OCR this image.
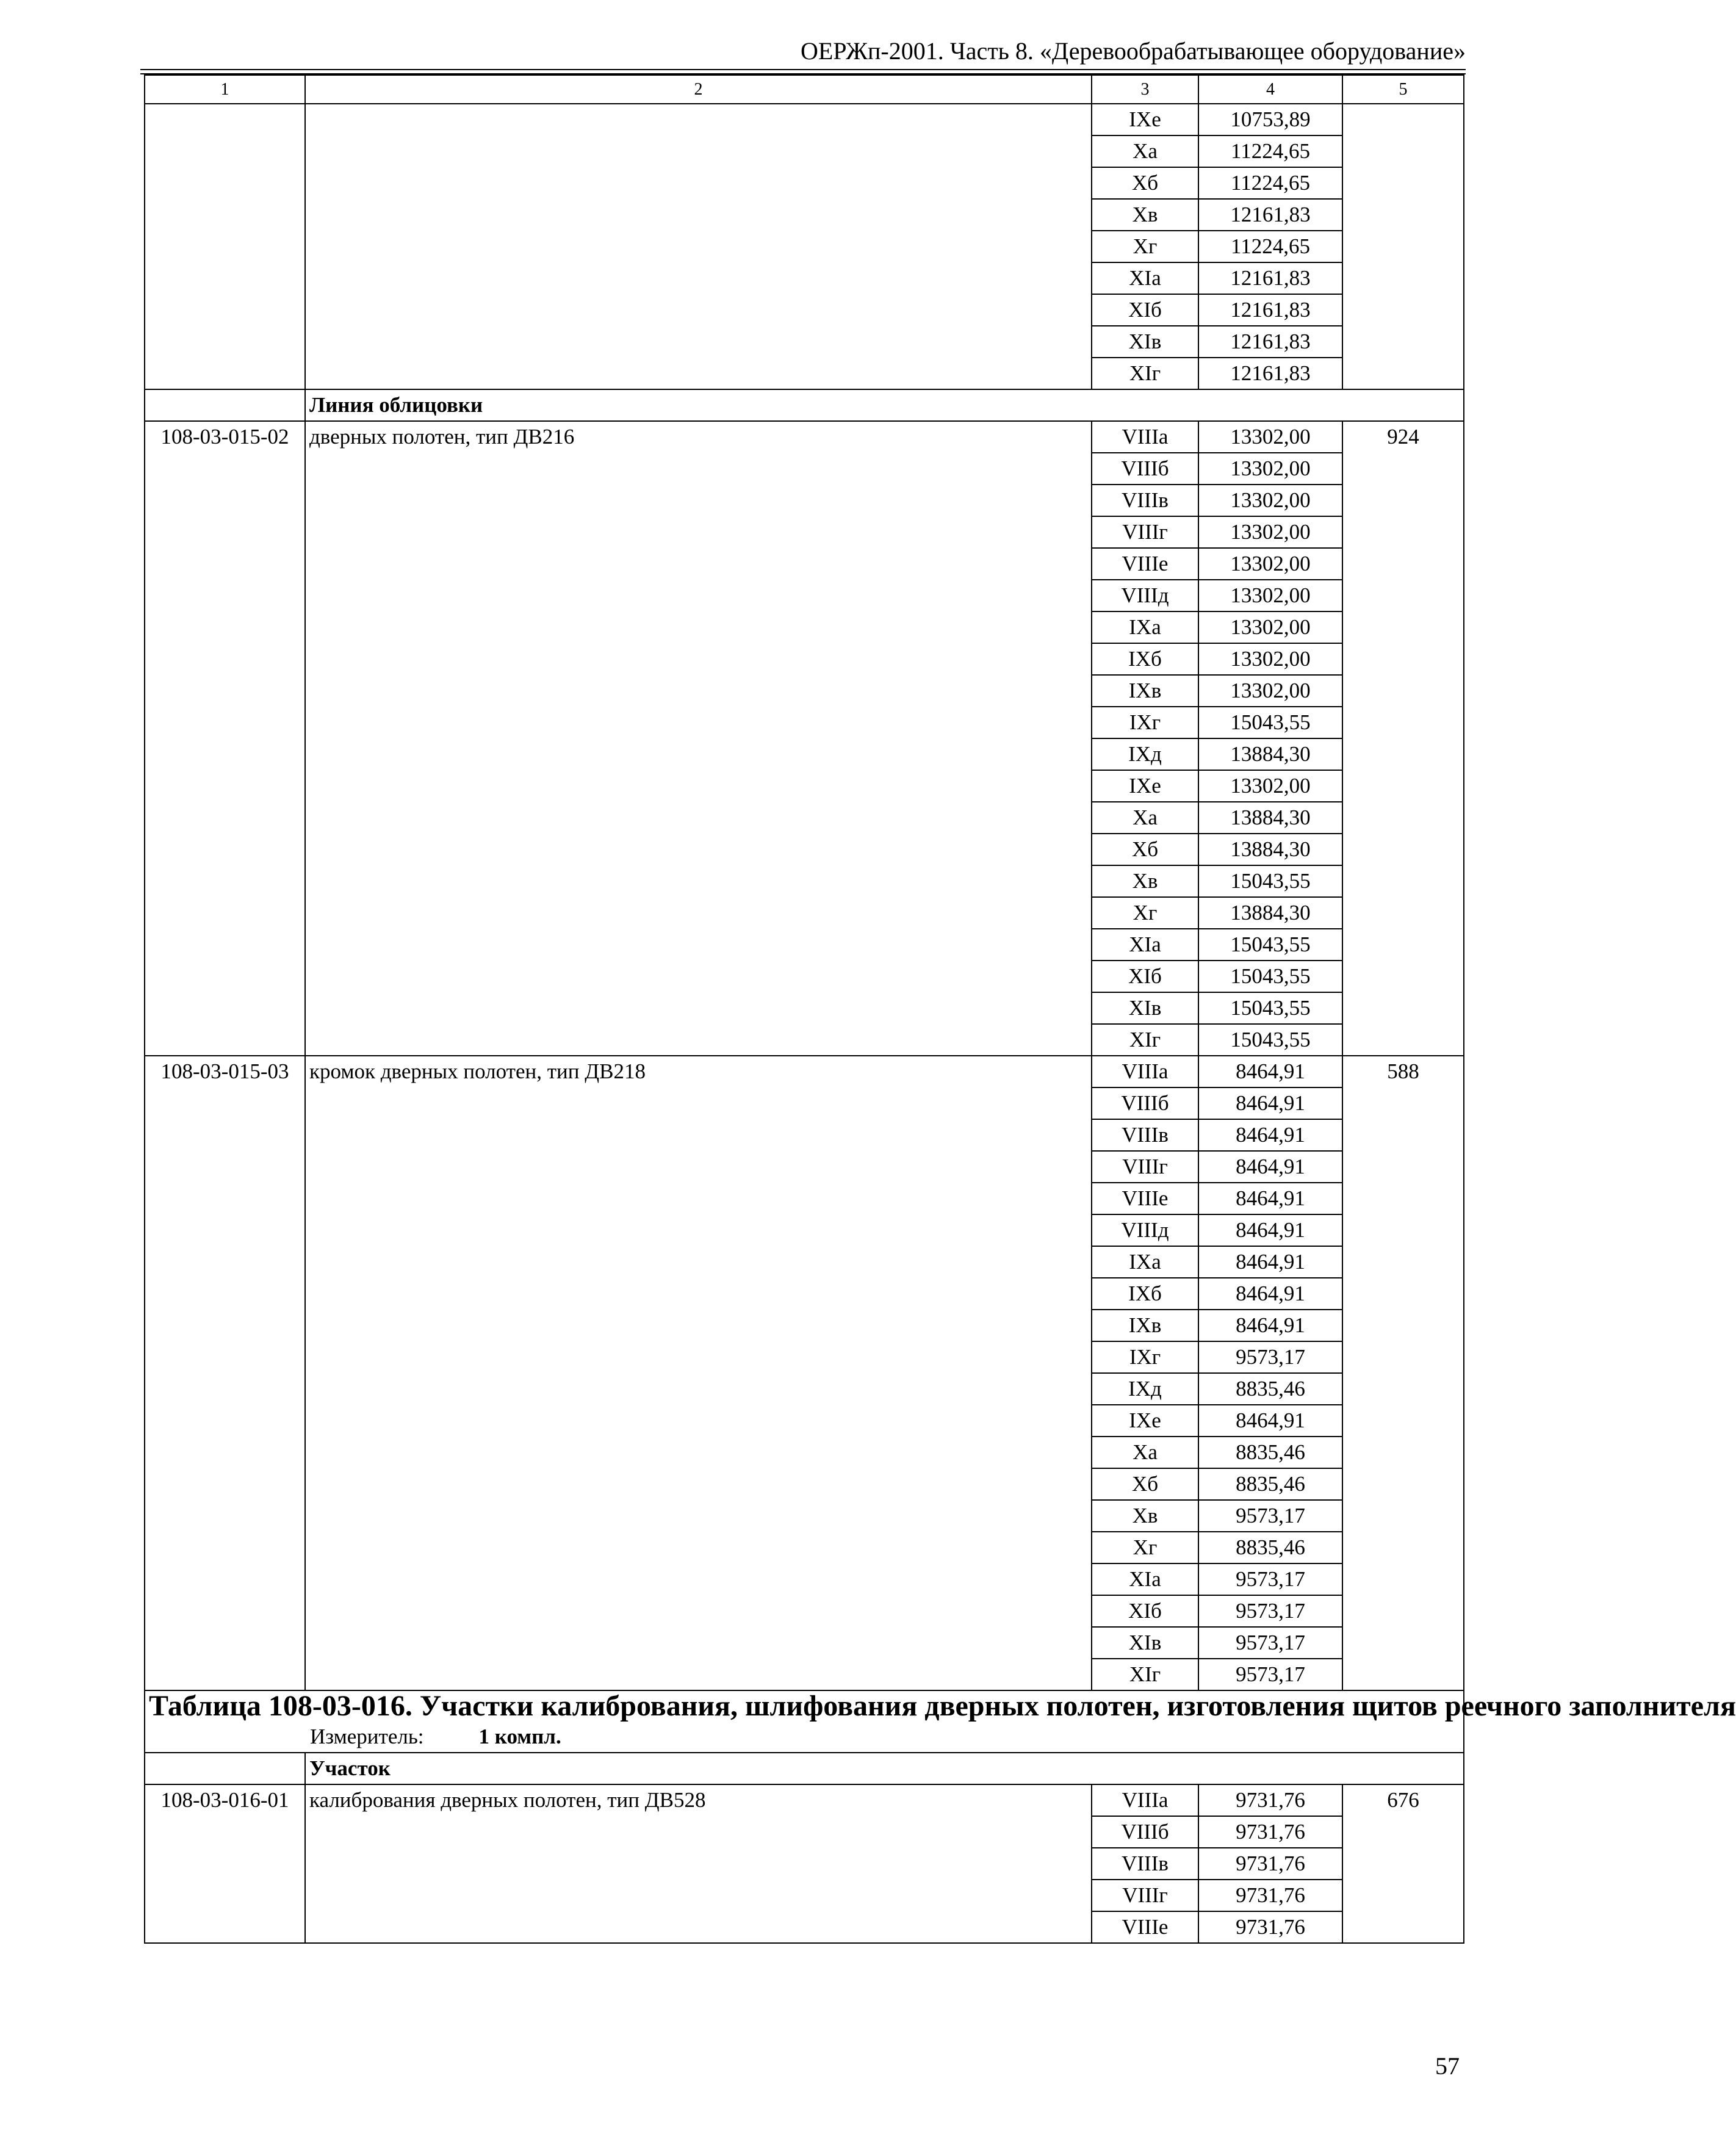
ОЕРЖп-2001. Часть 8. «Деревообрабатывающее оборудование»
1	2	3	4	5
		IXe	10753,89	
		Xa	11224,65	
		Xб	11224,65	
		Xв	12161,83	
		Xг	11224,65	
		XIa	12161,83	
		XIб	12161,83	
		XIв	12161,83	
		XIг	12161,83	
	Линия облицовки			
108-03-015-02	дверных полотен, тип ДВ216	VIIIa	13302,00	924
		VIIIб	13302,00	
		VIIIв	13302,00	
		VIIIг	13302,00	
		VIIIe	13302,00	
		VIIIд	13302,00	
		IXa	13302,00	
		IXб	13302,00	
		IXв	13302,00	
		IXг	15043,55	
		IXд	13884,30	
		IXe	13302,00	
		Xa	13884,30	
		Xб	13884,30	
		Xв	15043,55	
		Xг	13884,30	
		XIa	15043,55	
		XIб	15043,55	
		XIв	15043,55	
		XIг	15043,55	
108-03-015-03	кромок дверных полотен, тип ДВ218	VIIIa	8464,91	588
		VIIIб	8464,91	
		VIIIв	8464,91	
		VIIIг	8464,91	
		VIIIe	8464,91	
		VIIIд	8464,91	
		IXa	8464,91	
		IXб	8464,91	
		IXв	8464,91	
		IXг	9573,17	
		IXд	8835,46	
		IXe	8464,91	
		Xa	8835,46	
		Xб	8835,46	
		Xв	9573,17	
		Xг	8835,46	
		XIa	9573,17	
		XIб	9573,17	
		XIв	9573,17	
		XIг	9573,17	

Таблица 108-03-016. Участки калибрования, шлифования дверных полотен, изготовления щитов реечного заполнителя
Измеритель: 1 компл.				

	Участок			
108-03-016-01	калибрования дверных полотен, тип ДВ528	VIIIa	9731,76	676
		VIIIб	9731,76	
		VIIIв	9731,76	
		VIIIг	9731,76	
		VIIIe	9731,76	
57
